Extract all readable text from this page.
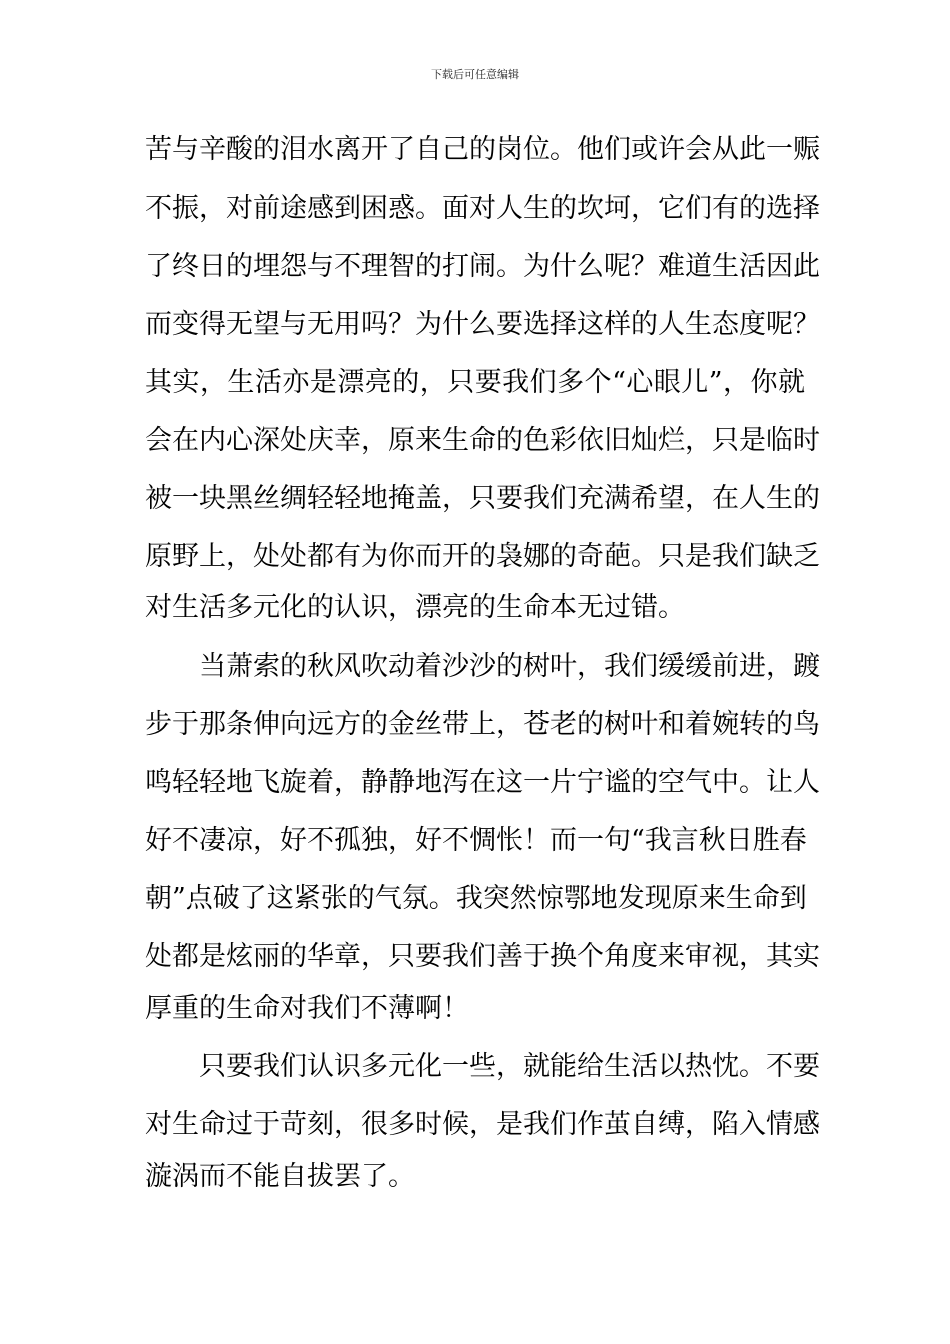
下载后可任意编辑
苦与辛酸的泪水离开了自己的岗位。他们或许会从此一赈
不振，对前途感到困惑。面对人生的坎坷，它们有的选择
了终日的埋怨与不理智的打闹。为什么呢？难道生活因此
而变得无望与无用吗？为什么要选择这样的人生态度呢？
其实，生活亦是漂亮的，只要我们多个“心眼儿”，你就
会在内心深处庆幸，原来生命的色彩依旧灿烂，只是临时
被一块黑丝绸轻轻地掩盖，只要我们充满希望，在人生的
原野上，处处都有为你而开的袅娜的奇葩。只是我们缺乏
对生活多元化的认识，漂亮的生命本无过错。
当萧索的秋风吹动着沙沙的树叶，我们缓缓前进，踱
步于那条伸向远方的金丝带上，苍老的树叶和着婉转的鸟
鸣轻轻地飞旋着，静静地泻在这一片宁谧的空气中。让人
好不凄凉，好不孤独，好不惆怅！而一句“我言秋日胜春
朝”点破了这紧张的气氛。我突然惊鄂地发现原来生命到
处都是炫丽的华章，只要我们善于换个角度来审视，其实
厚重的生命对我们不薄啊！
只要我们认识多元化一些，就能给生活以热忱。不要
对生命过于苛刻，很多时候，是我们作茧自缚，陷入情感
漩涡而不能自拔罢了。
